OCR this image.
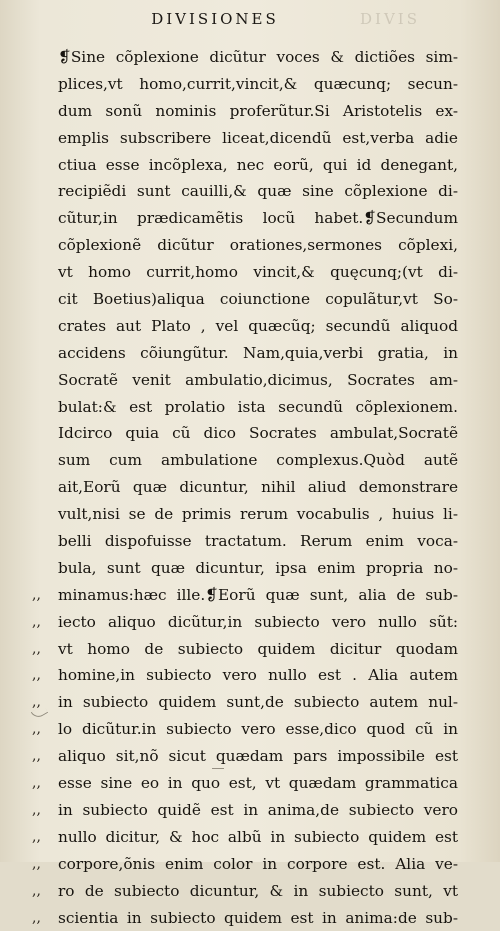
DIVISIONES	DIVIS
❡Sine cõplexione dicũtur voces & dictiões sim-
plices,vt homo,currit,vincit,& quæcunq; secun-
dum sonũ nominis proferũtur.Si Aristotelis ex-
emplis subscribere liceat,dicendũ est,verba adie
ctiua esse incõplexa, nec eorũ, qui id denegant,
recipiẽdi sunt cauilli,& quæ sine cõplexione di-
cũtur,in prædicamẽtis locũ habet.❡Secundum
cõplexionẽ dicũtur orationes,sermones cõplexi,
vt homo currit,homo vincit,& quęcunq;(vt di-
cit Boetius)aliqua coiunctione copulãtur,vt So-
crates aut Plato , vel quæcũq; secundũ aliquod
accidens cõiungũtur. Nam,quia,verbi gratia, in
Socratẽ venit ambulatio,dicimus, Socrates am-
bulat:& est prolatio ista secundũ cõplexionem.
Idcirco quia cũ dico Socrates ambulat,Socratẽ
sum cum ambulatione complexus.Quòd autẽ
ait,Eorũ quæ dicuntur, nihil aliud demonstrare
vult,nisi se de primis rerum vocabulis , huius li-
belli dispofuisse tractatum. Rerum enim voca-
bula, sunt quæ dicuntur, ipsa enim propria no-
,, minamus:hæc ille.❡Eorũ quæ sunt, alia de sub-
,, iecto aliquo dicũtur,in subiecto vero nullo sũt:
,, vt homo de subiecto quidem dicitur quodam
,, homine,in subiecto vero nullo est . Alia autem
,, in subiecto quidem sunt,de subiecto autem nul-
,, lo dicũtur.in subiecto vero esse,dico quod cũ in
,, aliquo sit,nõ sicut quædam pars impossibile est
,, esse sine eo in quo est, vt quædam grammatica
,, in subiecto quidẽ est in anima,de subiecto vero
,, nullo dicitur, & hoc albũ in subiecto quidem est
,, corpore,õnis enim color in corpore est. Alia ve-
,, ro de subiecto dicuntur, & in subiecto sunt, vt
,, scientia in subiecto quidem est in anima:de sub-
